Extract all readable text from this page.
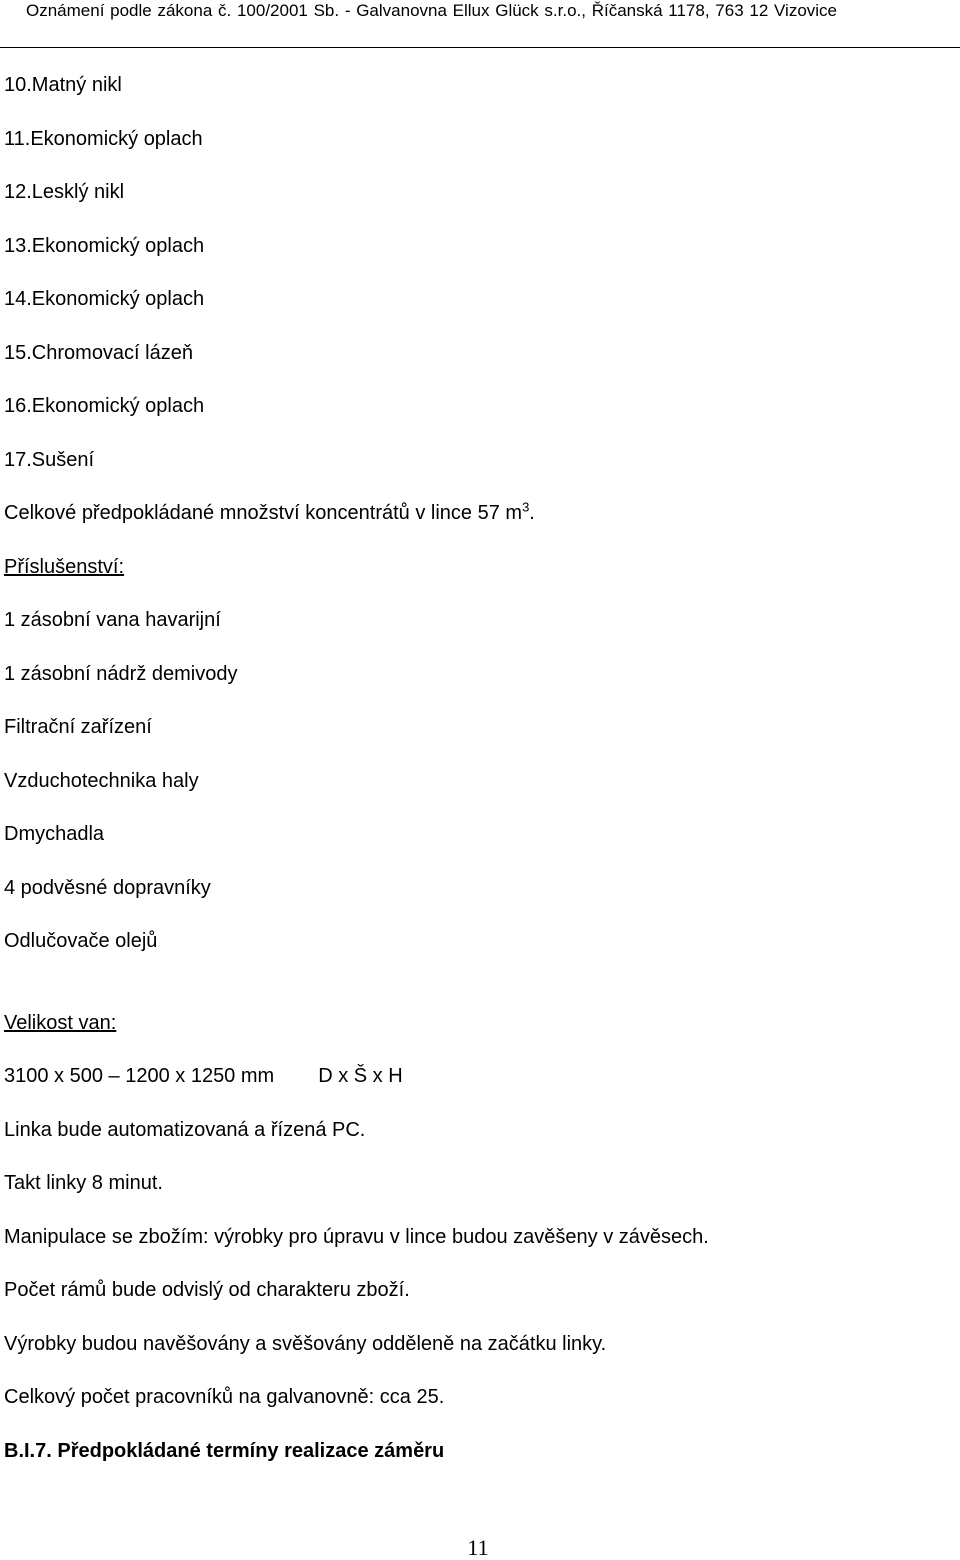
Oznámení podle zákona č. 100/2001 Sb. - Galvanovna Ellux Glück s.r.o., Říčanská 1178, 763 12 Vizovice
10.Matný nikl
11.Ekonomický oplach
12.Lesklý nikl
13.Ekonomický oplach
14.Ekonomický oplach
15.Chromovací lázeň
16.Ekonomický oplach
17.Sušení
Celkové předpokládané množství koncentrátů v lince 57 $m^3$.
Příslušenství:
1 zásobní vana havarijní
1 zásobní nádrž demivody
Filtrační zařízení
Vzduchotechnika haly
Dmychadla
4 podvěsné dopravníky
Odlučovače olejů
Velikost van:
3100 x 500 – 1200 x 1250 mm D x Š x H
Linka bude automatizovaná a řízená PC.
Takt linky 8 minut.
Manipulace se zbožím: výrobky pro úpravu v lince budou zavěšeny v závěsech.
Počet rámů bude odvislý od charakteru zboží.
Výrobky budou navěšovány a svěšovány odděleně na začátku linky.
Celkový počet pracovníků na galvanovně: cca 25.
B.I.7. Předpokládané termíny realizace záměru
11
